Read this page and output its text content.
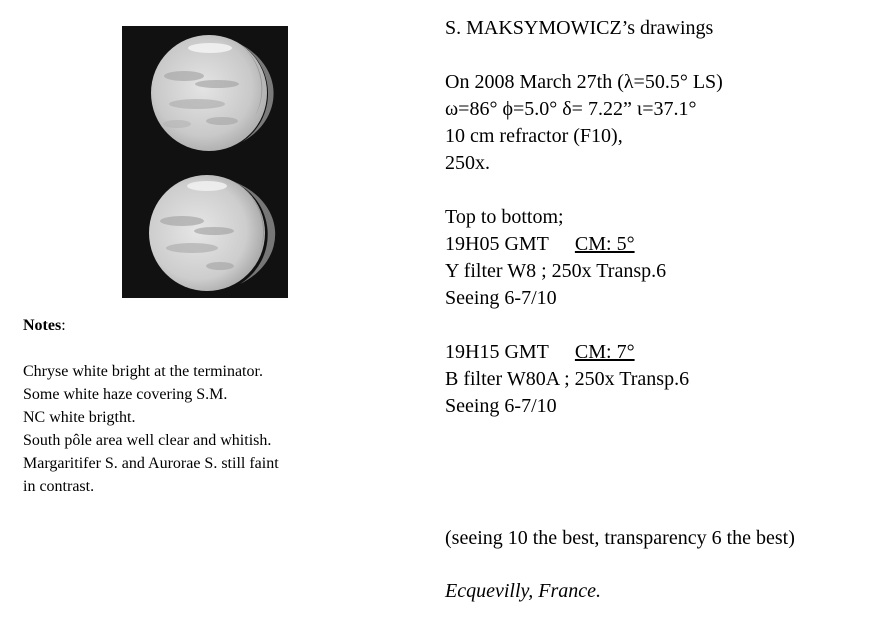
Notes:

Chryse white bright at the terminator.

Some white haze covering S.M.

NC white brigtht.

South pôle area well clear and whitish.

Margaritifer S. and Aurorae S. still faint

in contrast.

S. MAKSYMOWICZ’s drawings

On 2008 March 27th (λ=50.5° LS)

ω=86° ϕ=5.0° δ= 7.22” ι=37.1°

10 cm refractor (F10),

250x.

Top to bottom;

19H05 GMT CM: 5°

Y filter W8 ; 250x Transp.6

Seeing 6-7/10

19H15 GMT CM: 7°

B filter W80A ; 250x Transp.6

Seeing 6-7/10

(seeing 10 the best, transparency 6 the best)

Ecquevilly, France.
